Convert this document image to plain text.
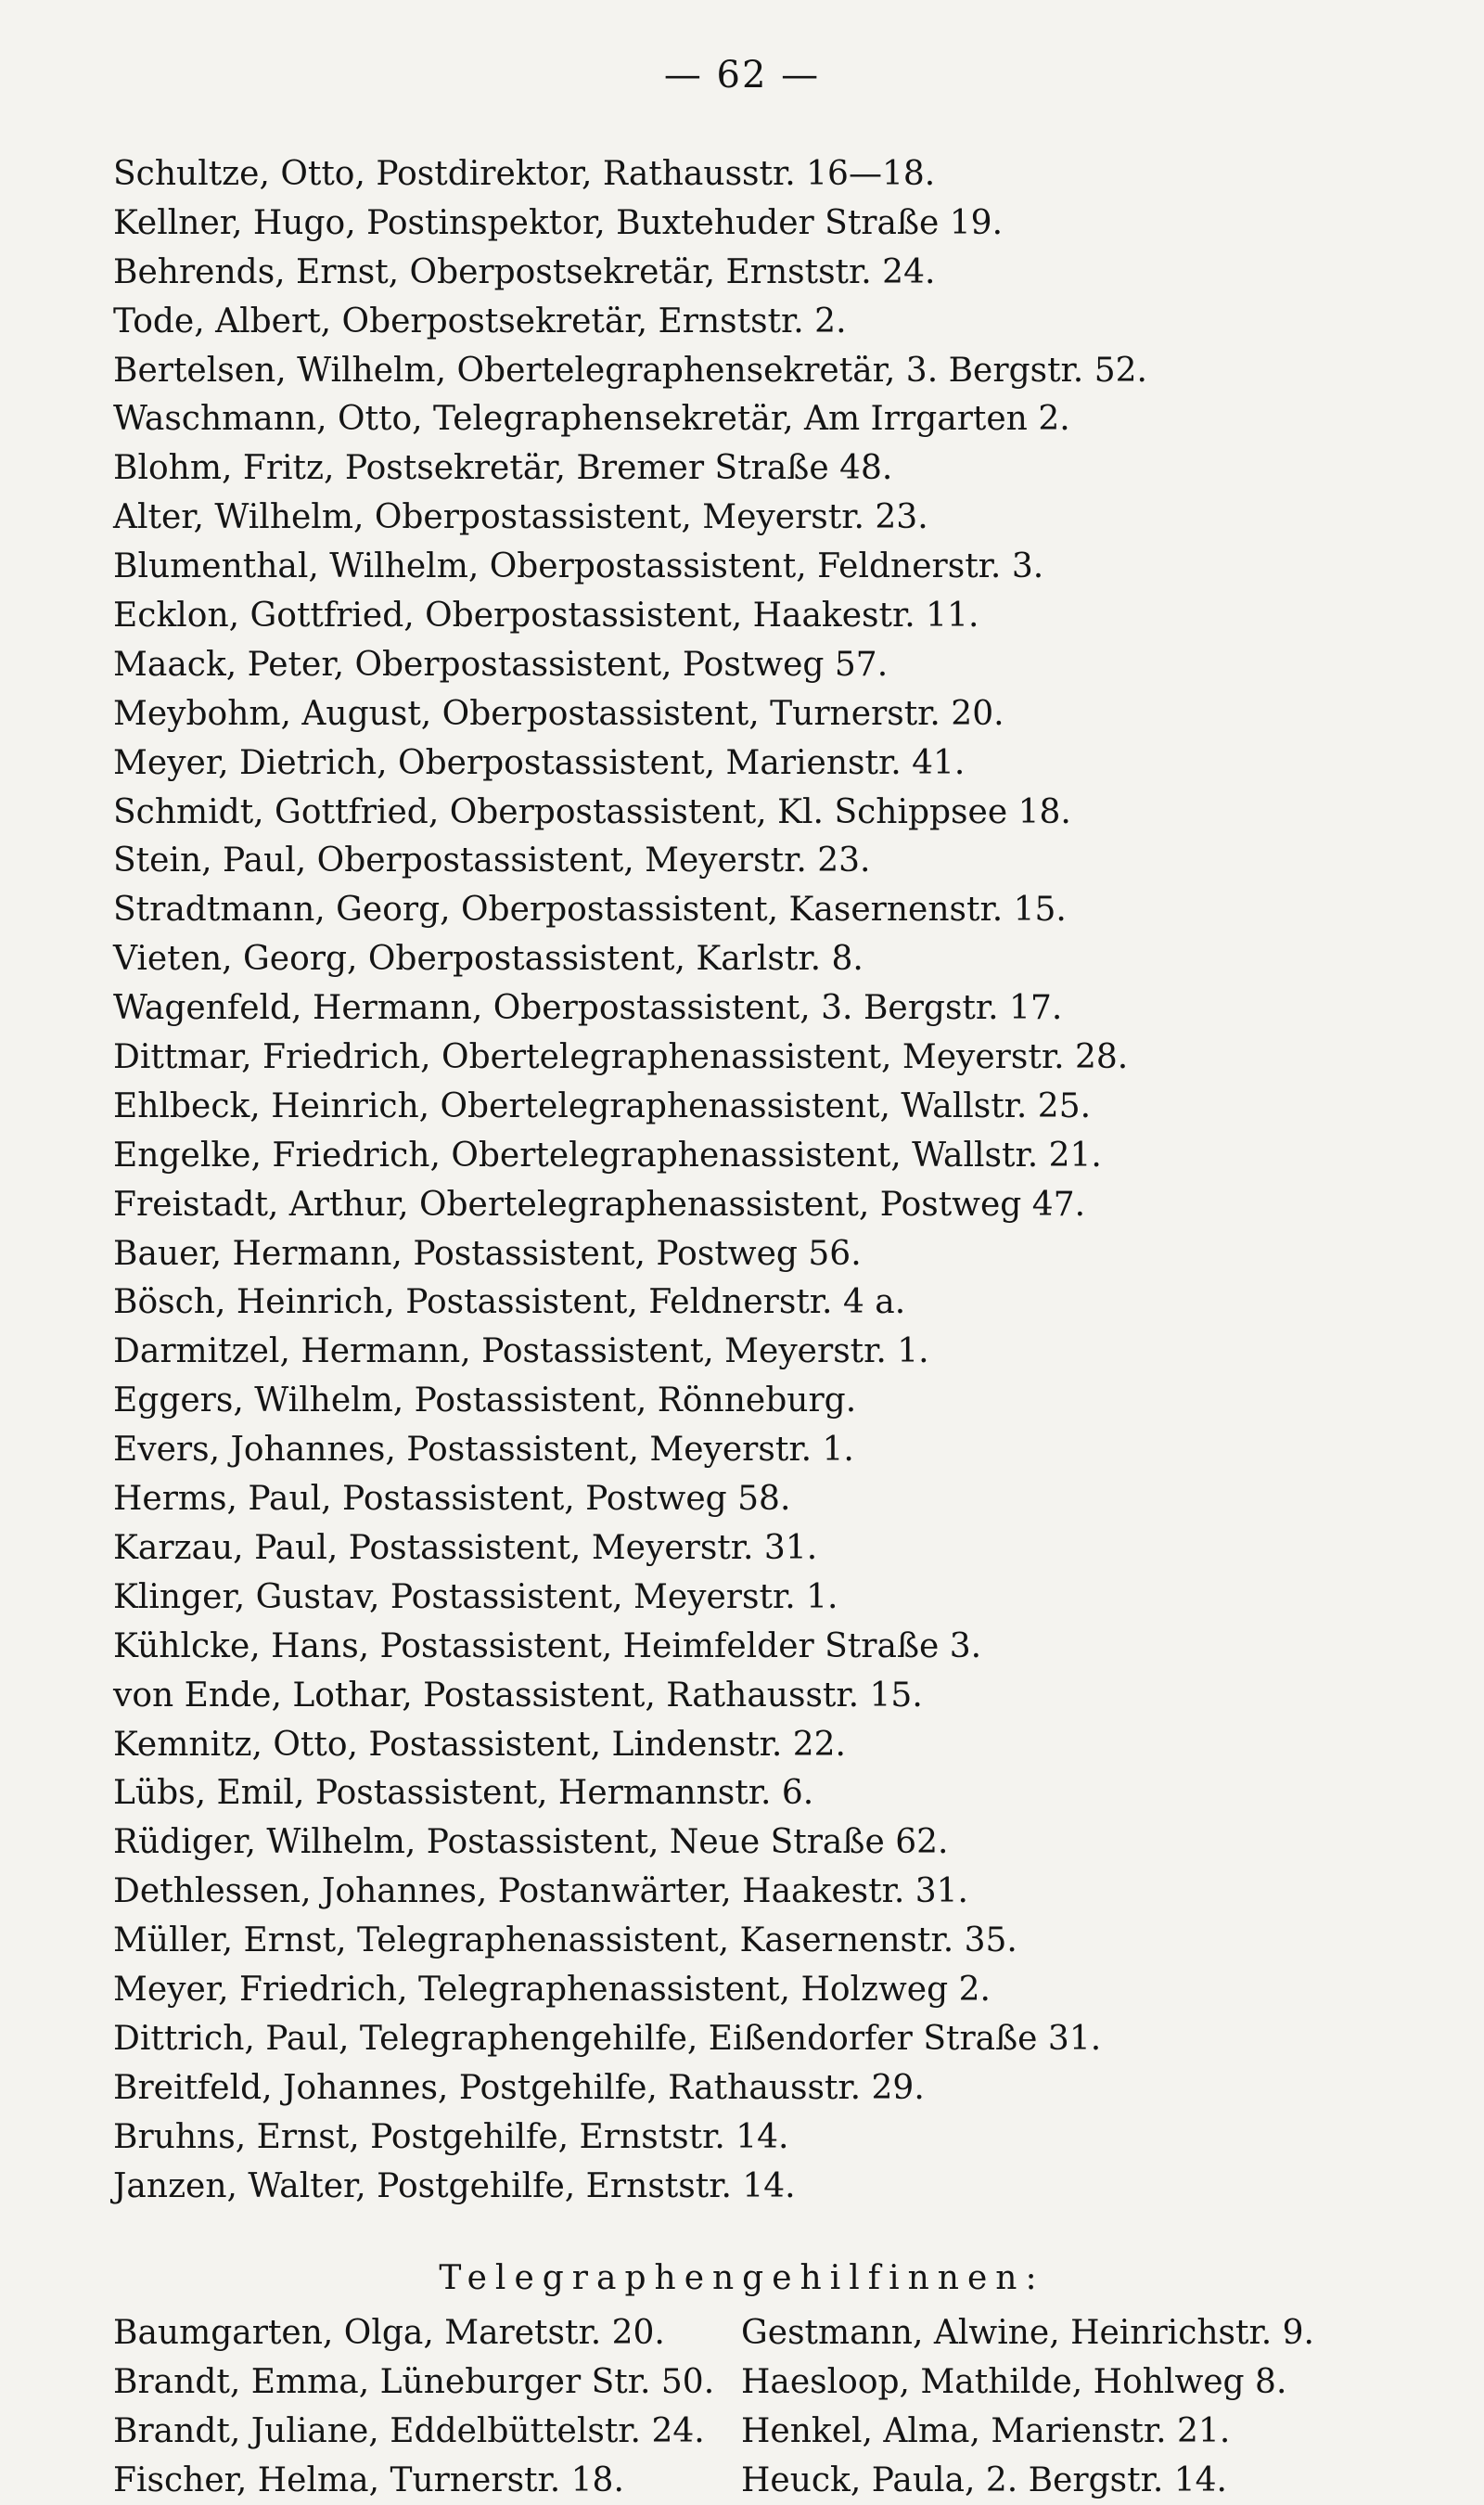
— 62 —
Schultze, Otto, Postdirektor, Rathausstr. 16—18.
Kellner, Hugo, Postinspektor, Buxtehuder Straße 19.
Behrends, Ernst, Oberpostsekretär, Ernststr. 24.
Tode, Albert, Oberpostsekretär, Ernststr. 2.
Bertelsen, Wilhelm, Obertelegraphensekretär, 3. Bergstr. 52.
Waschmann, Otto, Telegraphensekretär, Am Irrgarten 2.
Blohm, Fritz, Postsekretär, Bremer Straße 48.
Alter, Wilhelm, Oberpostassistent, Meyerstr. 23.
Blumenthal, Wilhelm, Oberpostassistent, Feldnerstr. 3.
Ecklon, Gottfried, Oberpostassistent, Haakestr. 11.
Maack, Peter, Oberpostassistent, Postweg 57.
Meybohm, August, Oberpostassistent, Turnerstr. 20.
Meyer, Dietrich, Oberpostassistent, Marienstr. 41.
Schmidt, Gottfried, Oberpostassistent, Kl. Schippsee 18.
Stein, Paul, Oberpostassistent, Meyerstr. 23.
Stradtmann, Georg, Oberpostassistent, Kasernenstr. 15.
Vieten, Georg, Oberpostassistent, Karlstr. 8.
Wagenfeld, Hermann, Oberpostassistent, 3. Bergstr. 17.
Dittmar, Friedrich, Obertelegraphenassistent, Meyerstr. 28.
Ehlbeck, Heinrich, Obertelegraphenassistent, Wallstr. 25.
Engelke, Friedrich, Obertelegraphenassistent, Wallstr. 21.
Freistadt, Arthur, Obertelegraphenassistent, Postweg 47.
Bauer, Hermann, Postassistent, Postweg 56.
Bösch, Heinrich, Postassistent, Feldnerstr. 4 a.
Darmitzel, Hermann, Postassistent, Meyerstr. 1.
Eggers, Wilhelm, Postassistent, Rönneburg.
Evers, Johannes, Postassistent, Meyerstr. 1.
Herms, Paul, Postassistent, Postweg 58.
Karzau, Paul, Postassistent, Meyerstr. 31.
Klinger, Gustav, Postassistent, Meyerstr. 1.
Kühlcke, Hans, Postassistent, Heimfelder Straße 3.
von Ende, Lothar, Postassistent, Rathausstr. 15.
Kemnitz, Otto, Postassistent, Lindenstr. 22.
Lübs, Emil, Postassistent, Hermannstr. 6.
Rüdiger, Wilhelm, Postassistent, Neue Straße 62.
Dethlessen, Johannes, Postanwärter, Haakestr. 31.
Müller, Ernst, Telegraphenassistent, Kasernenstr. 35.
Meyer, Friedrich, Telegraphenassistent, Holzweg 2.
Dittrich, Paul, Telegraphengehilfe, Eißendorfer Straße 31.
Breitfeld, Johannes, Postgehilfe, Rathausstr. 29.
Bruhns, Ernst, Postgehilfe, Ernststr. 14.
Janzen, Walter, Postgehilfe, Ernststr. 14.
Telegraphengehilfinnen:
Baumgarten, Olga, Maretstr. 20.	Gestmann, Alwine, Heinrichstr. 9.
Brandt, Emma, Lüneburger Str. 50. Haesloop, Mathilde, Hohlweg 8.
Brandt, Juliane, Eddelbüttelstr. 24.	Henkel, Alma, Marienstr. 21.
Fischer, Helma, Turnerstr. 18.	Heuck, Paula, 2. Bergstr. 14.
